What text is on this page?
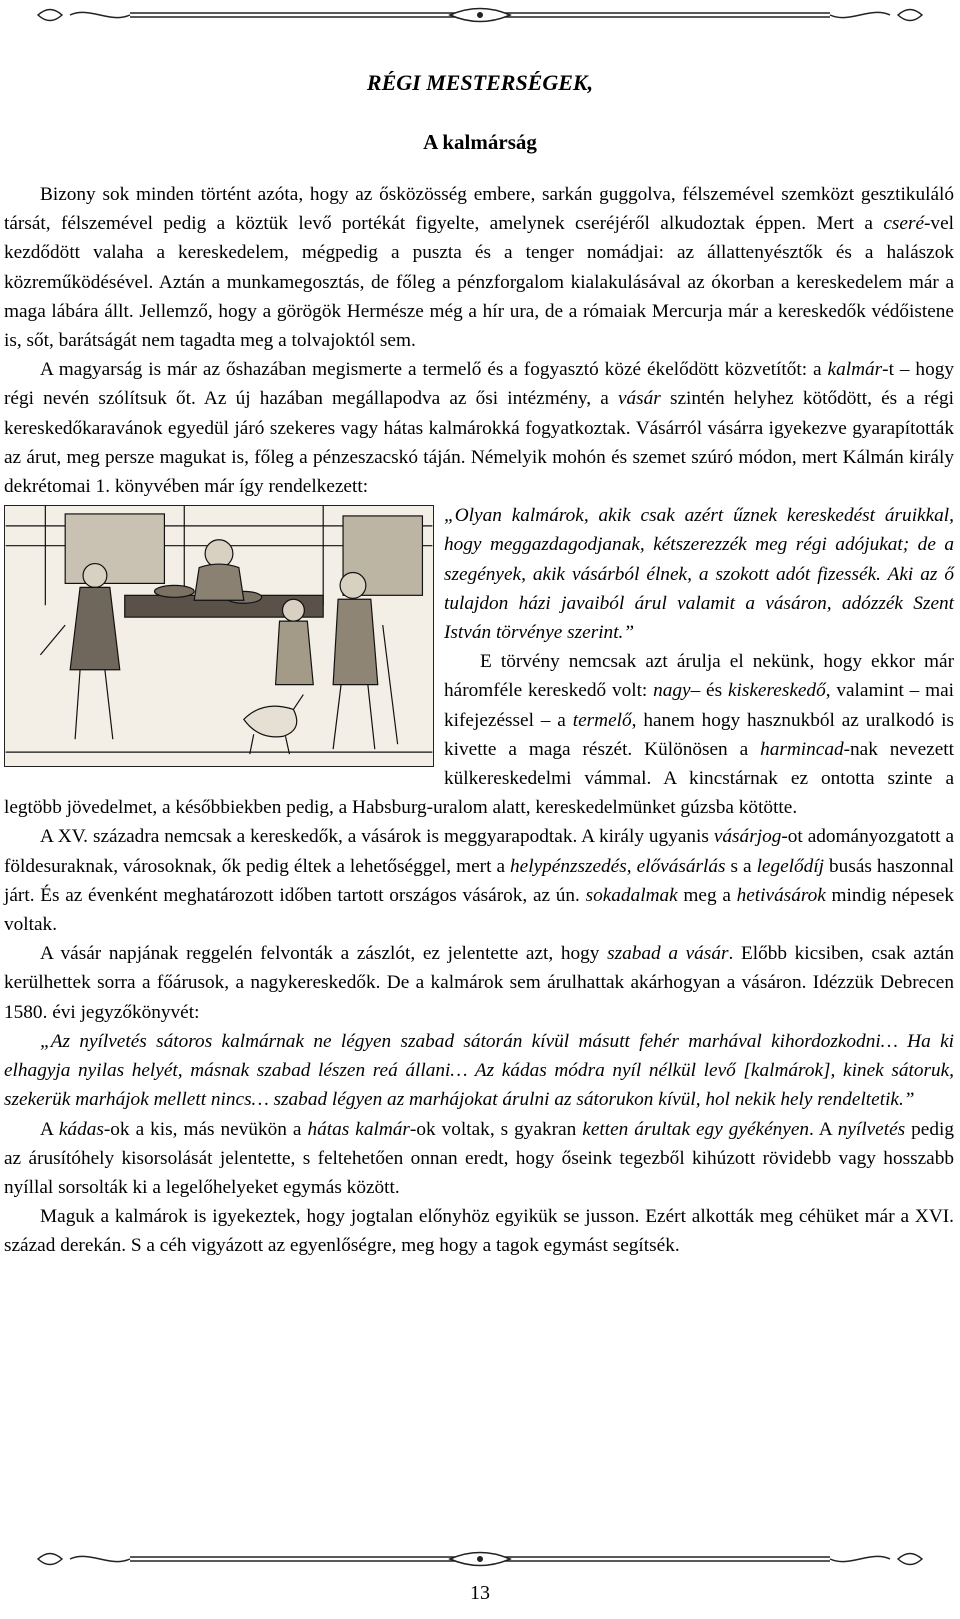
RÉGI MESTERSÉGEK,
A kalmárság

Bizony sok minden történt azóta, hogy az ősközösség embere, sarkán guggolva, félszemével szemközt gesztikuláló társát, félszemével pedig a köztük levő portékát figyelte, amelynek cseréjéről alkudoztak éppen. Mert a cseré-vel kezdődött valaha a kereskedelem, mégpedig a puszta és a tenger nomádjai: az állattenyésztők és a halászok közreműködésével. Aztán a munkamegosztás, de főleg a pénzforgalom kialakulásával az ókorban a kereskedelem már a maga lábára állt. Jellemző, hogy a görögök Hermésze még a hír ura, de a rómaiak Mercurja már a kereskedők védőistene is, sőt, barátságát nem tagadta meg a tolvajoktól sem.

A magyarság is már az őshazában megismerte a termelő és a fogyasztó közé ékelődött közvetítőt: a kalmár-t – hogy régi nevén szólítsuk őt. Az új hazában megállapodva az ősi intézmény, a vásár szintén helyhez kötődött, és a régi kereskedőkaravánok egyedül járó szekeres vagy hátas kalmárokká fogyatkoztak. Vásárról vásárra igyekezve gyarapították az árut, meg persze magukat is, főleg a pénzeszacskó táján. Némelyik mohón és szemet szúró módon, mert Kálmán király dekrétomai 1. könyvében már így rendelkezett:

„Olyan kalmárok, akik csak azért űznek kereskedést áruikkal, hogy meggazdagodjanak, kétszerezzék meg régi adójukat; de a szegények, akik vásárból élnek, a szokott adót fizessék. Aki az ő tulajdon házi javaiból árul valamit a vásáron, adózzék Szent István törvénye szerint.”

E törvény nemcsak azt árulja el nekünk, hogy ekkor már háromféle kereskedő volt: nagy– és kiskereskedő, valamint – mai kifejezéssel – a termelő, hanem hogy hasznukból az uralkodó is kivette a maga részét. Különösen a harmincad-nak nevezett külkereskedelmi vámmal. A kincstárnak ez ontotta szinte a legtöbb jövedelmet, a későbbiekben pedig, a Habsburg-uralom alatt, kereskedelmünket gúzsba kötötte.

A XV. századra nemcsak a kereskedők, a vásárok is meggyarapodtak. A király ugyanis vásárjog-ot adományozgatott a földesuraknak, városoknak, ők pedig éltek a lehetőséggel, mert a helypénzszedés, elővásárlás s a legelődíj busás haszonnal járt. És az évenként meghatározott időben tartott országos vásárok, az ún. sokadalmak meg a hetivásárok mindig népesek voltak.

A vásár napjának reggelén felvonták a zászlót, ez jelentette azt, hogy szabad a vásár. Előbb kicsiben, csak aztán kerülhettek sorra a főárusok, a nagykereskedők. De a kalmárok sem árulhattak akárhogyan a vásáron. Idézzük Debrecen 1580. évi jegyzőkönyvét:

„Az nyílvetés sátoros kalmárnak ne légyen szabad sátorán kívül másutt fehér marhával kihordozkodni… Ha ki elhagyja nyilas helyét, másnak szabad lészen reá állani… Az kádas módra nyíl nélkül levő [kalmárok], kinek sátoruk, szekerük marhájok mellett nincs… szabad légyen az marhájokat árulni az sátorukon kívül, hol nekik hely rendeltetik.”

A kádas-ok a kis, más nevükön a hátas kalmár-ok voltak, s gyakran ketten árultak egy gyékényen. A nyílvetés pedig az árusítóhely kisorsolását jelentette, s feltehetően onnan eredt, hogy őseink tegezből kihúzott rövidebb vagy hosszabb nyíllal sorsolták ki a legelőhelyeket egymás között.

Maguk a kalmárok is igyekeztek, hogy jogtalan előnyhöz egyikük se jusson. Ezért alkották meg céhüket már a XVI. század derekán. S a céh vigyázott az egyenlőségre, meg hogy a tagok egymást segítsék.

13
